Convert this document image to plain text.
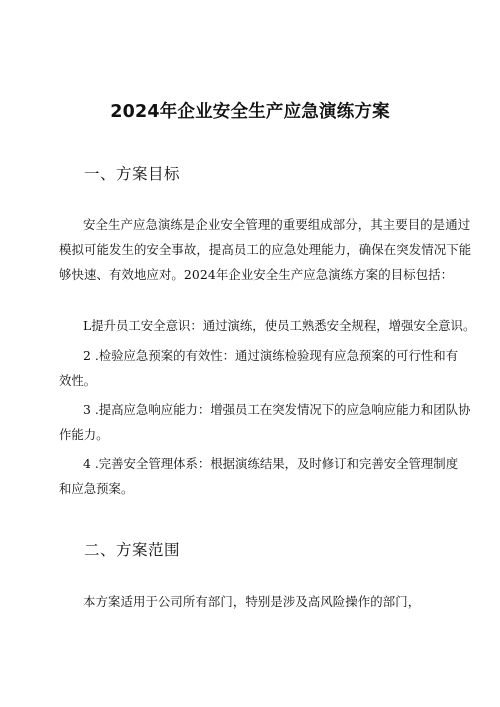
2024年企业安全生产应急演练方案
一、方案目标
安全生产应急演练是企业安全管理的重要组成部分，其主要目的是通过
模拟可能发生的安全事故，提高员工的应急处理能力，确保在突发情况下能
够快速、有效地应对。2024年企业安全生产应急演练方案的目标包括：
L提升员工安全意识：通过演练，使员工熟悉安全规程，增强安全意识。
2 .检验应急预案的有效性：通过演练检验现有应急预案的可行性和有
效性。
3 .提高应急响应能力：增强员工在突发情况下的应急响应能力和团队协
作能力。
4 .完善安全管理体系：根据演练结果，及时修订和完善安全管理制度
和应急预案。
二、方案范围
本方案适用于公司所有部门，特别是涉及高风险操作的部门，
